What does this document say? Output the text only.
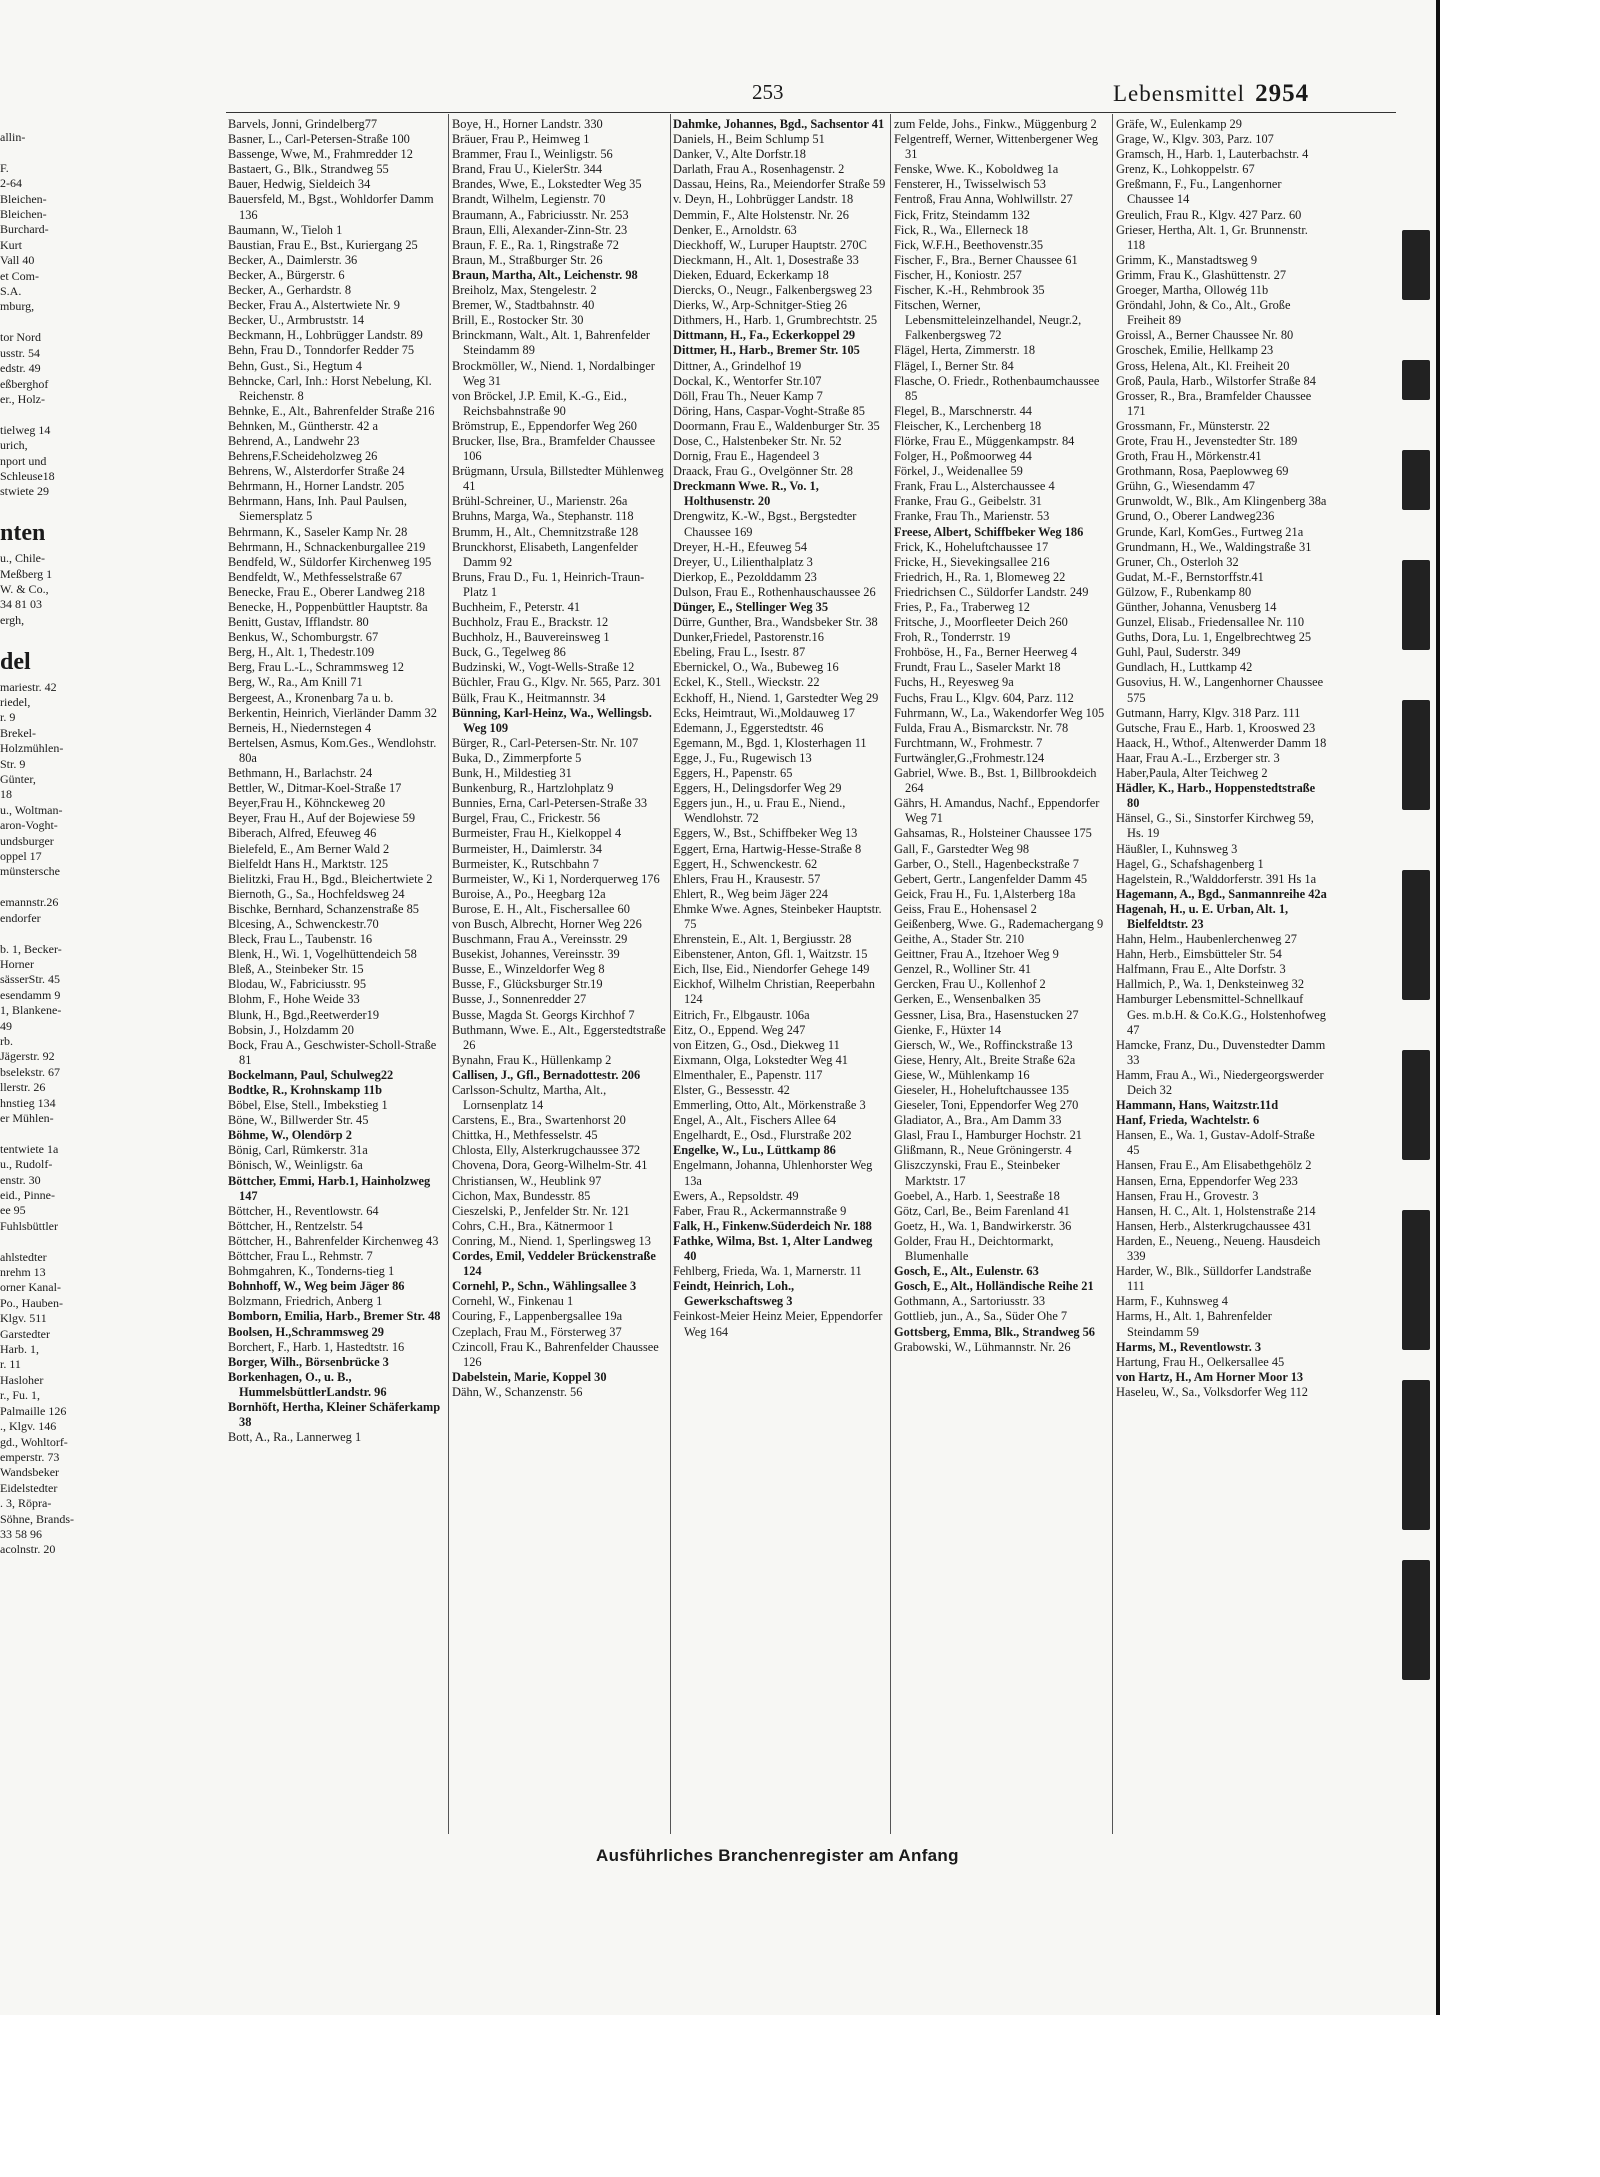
allin-

F.
2-64
Bleichen-
Bleichen-
Burchard-
Kurt
Vall 40
et Com-
S.A.
mburg,

tor Nord
usstr. 54
edstr. 49
eßberghof
er., Holz-

tielweg 14
urich,
nport und
Schleuse18
stwiete 29

nten
u., Chile-
Meßberg 1
W. & Co.,
34 81 03
ergh,

del
mariestr. 42
riedel,
r. 9
Brekel-
Holzmühlen-
Str. 9
Günter,
18
u., Woltman-
aron-Voght-
undsburger
oppel 17
münstersche

emannstr.26
endorfer

b. 1, Becker-
Horner
sässerStr. 45
esendamm 9
1, Blankene-
49
rb.
Jägerstr. 92
bselekstr. 67
llerstr. 26
hnstieg 134
er Mühlen-

tentwiete 1a
u., Rudolf-
enstr. 30
eid., Pinne-
ee 95
Fuhlsbüttler

ahlstedter
nrehm 13
orner Kanal-
Po., Hauben-
Klgv. 511
Garstedter
Harb. 1,
r. 11
Hasloher
r., Fu. 1,
Palmaille 126
., Klgv. 146
gd., Wohltorf-
emperstr. 73
Wandsbeker
Eidelstedter
. 3, Röpra-
Söhne, Brands-
33 58 96
acolnstr. 20
253	Lebensmittel 2954
Barvels, Jonni, Grindelberg77
Basner, L., Carl-Petersen-Straße 100
Bassenge, Wwe, M., Frahmredder 12
Bastaert, G., Blk., Strandweg 55
Bauer, Hedwig, Sieldeich 34
Bauersfeld, M., Bgst., Wohldorfer Damm 136
Baumann, W., Tieloh 1
Baustian, Frau E., Bst., Kuriergang 25
Becker, A., Daimlerstr. 36
Becker, A., Bürgerstr. 6
Becker, A., Gerhardstr. 8
Becker, Frau A., Alstertwiete Nr. 9
Becker, U., Armbruststr. 14
Beckmann, H., Lohbrügger Landstr. 89
Behn, Frau D., Tonndorfer Redder 75
Behn, Gust., Si., Hegtum 4
Behncke, Carl, Inh.: Horst Nebelung, Kl. Reichenstr. 8
Behnke, E., Alt., Bahrenfelder Straße 216
Behnken, M., Güntherstr. 42 a
Behrend, A., Landwehr 23
Behrens,F.Scheideholzweg 26
Behrens, W., Alsterdorfer Straße 24
Behrmann, H., Horner Landstr. 205
Behrmann, Hans, Inh. Paul Paulsen, Siemersplatz 5
Behrmann, K., Saseler Kamp Nr. 28
Behrmann, H., Schnackenburgallee 219
Bendfeld, W., Süldorfer Kirchenweg 195
Bendfeldt, W., Methfesselstraße 67
Benecke, Frau E., Oberer Landweg 218
Benecke, H., Poppenbüttler Hauptstr. 8a
Benitt, Gustav, Ifflandstr. 80
Benkus, W., Schomburgstr. 67
Berg, H., Alt. 1, Thedestr.109
Berg, Frau L.-L., Schrammsweg 12
Berg, W., Ra., Am Knill 71
Bergeest, A., Kronenbarg 7a u. b.
Berkentin, Heinrich, Vierländer Damm 32
Berneis, H., Niedernstegen 4
Bertelsen, Asmus, Kom.Ges., Wendlohstr. 80a
Bethmann, H., Barlachstr. 24
Bettler, W., Ditmar-Koel-Straße 17
Beyer,Frau H., Köhnckeweg 20
Beyer, Frau H., Auf der Bojewiese 59
Biberach, Alfred, Efeuweg 46
Bielefeld, E., Am Berner Wald 2
Bielfeldt Hans H., Marktstr. 125
Bielitzki, Frau H., Bgd., Bleichertwiete 2
Biernoth, G., Sa., Hochfeldsweg 24
Bischke, Bernhard, Schanzenstraße 85
Blcesing, A., Schwenckestr.70
Bleck, Frau L., Taubenstr. 16
Blenk, H., Wi. 1, Vogelhüttendeich 58
Bleß, A., Steinbeker Str. 15
Blodau, W., Fabriciusstr. 95
Blohm, F., Hohe Weide 33
Blunk, H., Bgd.,Reetwerder19
Bobsin, J., Holzdamm 20
Bock, Frau A., Geschwister-Scholl-Straße 81
Bockelmann, Paul, Schulweg22
Bodtke, R., Krohnskamp 11b
Böbel, Else, Stell., Imbekstieg 1
Böne, W., Billwerder Str. 45
Böhme, W., Olendörp 2
Bönig, Carl, Rümkerstr. 31a
Bönisch, W., Weinligstr. 6a
Böttcher, Emmi, Harb.1, Hainholzweg 147
Böttcher, H., Reventlowstr. 64
Böttcher, H., Rentzelstr. 54
Böttcher, H., Bahrenfelder Kirchenweg 43
Böttcher, Frau L., Rehmstr. 7
Bohmgahren, K., Tonderns-tieg 1
Bohnhoff, W., Weg beim Jäger 86
Bolzmann, Friedrich, Anberg 1
Bomborn, Emilia, Harb., Bremer Str. 48
Boolsen, H.,Schrammsweg 29
Borchert, F., Harb. 1, Hastedtstr. 16
Borger, Wilh., Börsenbrücke 3
Borkenhagen, O., u. B., HummelsbüttlerLandstr. 96
Bornhöft, Hertha, Kleiner Schäferkamp 38
Bott, A., Ra., Lannerweg 1
Boye, H., Horner Landstr. 330
Bräuer, Frau P., Heimweg 1
Brammer, Frau I., Weinligstr. 56
Brand, Frau U., KielerStr. 344
Brandes, Wwe, E., Lokstedter Weg 35
Brandt, Wilhelm, Legienstr. 70
Braumann, A., Fabriciusstr. Nr. 253
Braun, Elli, Alexander-Zinn-Str. 23
Braun, F. E., Ra. 1, Ringstraße 72
Braun, M., Straßburger Str. 26
Braun, Martha, Alt., Leichenstr. 98
Breiholz, Max, Stengelestr. 2
Bremer, W., Stadtbahnstr. 40
Brill, E., Rostocker Str. 30
Brinckmann, Walt., Alt. 1, Bahrenfelder Steindamm 89
Brockmöller, W., Niend. 1, Nordalbinger Weg 31
von Bröckel, J.P. Emil, K.-G., Eid., Reichsbahnstraße 90
Brömstrup, E., Eppendorfer Weg 260
Brucker, Ilse, Bra., Bramfelder Chaussee 106
Brügmann, Ursula, Billstedter Mühlenweg 41
Brühl-Schreiner, U., Marienstr. 26a
Bruhns, Marga, Wa., Stephanstr. 118
Brumm, H., Alt., Chemnitzstraße 128
Brunckhorst, Elisabeth, Langenfelder Damm 92
Bruns, Frau D., Fu. 1, Heinrich-Traun-Platz 1
Buchheim, F., Peterstr. 41
Buchholz, Frau E., Brackstr. 12
Buchholz, H., Bauvereinsweg 1
Buck, G., Tegelweg 86
Budzinski, W., Vogt-Wells-Straße 12
Büchler, Frau G., Klgv. Nr. 565, Parz. 301
Bülk, Frau K., Heitmannstr. 34
Bünning, Karl-Heinz, Wa., Wellingsb. Weg 109
Bürger, R., Carl-Petersen-Str. Nr. 107
Buka, D., Zimmerpforte 5
Bunk, H., Mildestieg 31
Bunkenburg, R., Hartzlohplatz 9
Bunnies, Erna, Carl-Petersen-Straße 33
Burgel, Frau, C., Frickestr. 56
Burmeister, Frau H., Kielkoppel 4
Burmeister, H., Daimlerstr. 34
Burmeister, K., Rutschbahn 7
Burmeister, W., Ki 1, Norderquerweg 176
Buroise, A., Po., Heegbarg 12a
Burose, E. H., Alt., Fischersallee 60
von Busch, Albrecht, Horner Weg 226
Buschmann, Frau A., Vereinsstr. 29
Busekist, Johannes, Vereinsstr. 39
Busse, E., Winzeldorfer Weg 8
Busse, F., Glücksburger Str.19
Busse, J., Sonnenredder 27
Busse, Magda St. Georgs Kirchhof 7
Buthmann, Wwe. E., Alt., Eggerstedtstraße 26
Bynahn, Frau K., Hüllenkamp 2
Callisen, J., Gfl., Bernadottestr. 206
Carlsson-Schultz, Martha, Alt., Lornsenplatz 14
Carstens, E., Bra., Swartenhorst 20
Chittka, H., Methfesselstr. 45
Chlosta, Elly, Alsterkrugchaussee 372
Chovena, Dora, Georg-Wilhelm-Str. 41
Christiansen, W., Heublink 97
Cichon, Max, Bundesstr. 85
Cieszelski, P., Jenfelder Str. Nr. 121
Cohrs, C.H., Bra., Kätnermoor 1
Conring, M., Niend. 1, Sperlingsweg 13
Cordes, Emil, Veddeler Brückenstraße 124
Cornehl, P., Schn., Wählingsallee 3
Cornehl, W., Finkenau 1
Couring, F., Lappenbergsallee 19a
Czeplach, Frau M., Försterweg 37
Czincoll, Frau K., Bahrenfelder Chaussee 126
Dabelstein, Marie, Koppel 30
Dähn, W., Schanzenstr. 56
Dahmke, Johannes, Bgd., Sachsentor 41
Daniels, H., Beim Schlump 51
Danker, V., Alte Dorfstr.18
Darlath, Frau A., Rosenhagenstr. 2
Dassau, Heins, Ra., Meiendorfer Straße 59
v. Deyn, H., Lohbrügger Landstr. 18
Demmin, F., Alte Holstenstr. Nr. 26
Denker, E., Arnoldstr. 63
Dieckhoff, W., Luruper Hauptstr. 270C
Dieckmann, H., Alt. 1, Dosestraße 33
Dieken, Eduard, Eckerkamp 18
Diercks, O., Neugr., Falkenbergsweg 23
Dierks, W., Arp-Schnitger-Stieg 26
Dithmers, H., Harb. 1, Grumbrechtstr. 25
Dittmann, H., Fa., Eckerkoppel 29
Dittmer, H., Harb., Bremer Str. 105
Dittner, A., Grindelhof 19
Dockal, K., Wentorfer Str.107
Döll, Frau Th., Neuer Kamp 7
Döring, Hans, Caspar-Voght-Straße 85
Doormann, Frau E., Waldenburger Str. 35
Dose, C., Halstenbeker Str. Nr. 52
Dornig, Frau E., Hagendeel 3
Draack, Frau G., Ovelgönner Str. 28
Dreckmann Wwe. R., Vo. 1, Holthusenstr. 20
Drengwitz, K.-W., Bgst., Bergstedter Chaussee 169
Dreyer, H.-H., Efeuweg 54
Dreyer, U., Lilienthalplatz 3
Dierkop, E., Pezolddamm 23
Dulson, Frau E., Rothenhauschaussee 26
Dünger, E., Stellinger Weg 35
Dürre, Gunther, Bra., Wandsbeker Str. 38
Dunker,Friedel, Pastorenstr.16
Ebeling, Frau L., Isestr. 87
Ebernickel, O., Wa., Bubeweg 16
Eckel, K., Stell., Wieckstr. 22
Eckhoff, H., Niend. 1, Garstedter Weg 29
Ecks, Heimtraut, Wi.,Moldauweg 17
Edemann, J., Eggerstedtstr. 46
Egemann, M., Bgd. 1, Klosterhagen 11
Egge, J., Fu., Rugewisch 13
Eggers, H., Papenstr. 65
Eggers, H., Delingsdorfer Weg 29
Eggers jun., H., u. Frau E., Niend., Wendlohstr. 72
Eggers, W., Bst., Schiffbeker Weg 13
Eggert, Erna, Hartwig-Hesse-Straße 8
Eggert, H., Schwenckestr. 62
Ehlers, Frau H., Krausestr. 57
Ehlert, R., Weg beim Jäger 224
Ehmke Wwe. Agnes, Steinbeker Hauptstr. 75
Ehrenstein, E., Alt. 1, Bergiusstr. 28
Eibenstener, Anton, Gfl. 1, Waitzstr. 15
Eich, Ilse, Eid., Niendorfer Gehege 149
Eickhof, Wilhelm Christian, Reeperbahn 124
Eitrich, Fr., Elbgaustr. 106a
Eitz, O., Eppend. Weg 247
von Eitzen, G., Osd., Diekweg 11
Eixmann, Olga, Lokstedter Weg 41
Elmenthaler, E., Papenstr. 117
Elster, G., Bessesstr. 42
Emmerling, Otto, Alt., Mörkenstraße 3
Engel, A., Alt., Fischers Allee 64
Engelhardt, E., Osd., Flurstraße 202
Engelke, W., Lu., Lüttkamp 86
Engelmann, Johanna, Uhlenhorster Weg 13a
Ewers, A., Repsoldstr. 49
Faber, Frau R., Ackermannstraße 9
Falk, H., Finkenw.Süderdeich Nr. 188
Fathke, Wilma, Bst. 1, Alter Landweg 40
Fehlberg, Frieda, Wa. 1, Marnerstr. 11
Feindt, Heinrich, Loh., Gewerkschaftsweg 3
Feinkost-Meier Heinz Meier, Eppendorfer Weg 164
zum Felde, Johs., Finkw., Müggenburg 2
Felgentreff, Werner, Wittenbergener Weg 31
Fenske, Wwe. K., Koboldweg 1a
Fensterer, H., Twisselwisch 53
Fentroß, Frau Anna, Wohlwillstr. 27
Fick, Fritz, Steindamm 132
Fick, R., Wa., Ellerneck 18
Fick, W.F.H., Beethovenstr.35
Fischer, F., Bra., Berner Chaussee 61
Fischer, H., Koniostr. 257
Fischer, K.-H., Rehmbrook 35
Fitschen, Werner, Lebensmitteleinzelhandel, Neugr.2, Falkenbergsweg 72
Flägel, Herta, Zimmerstr. 18
Flägel, I., Berner Str. 84
Flasche, O. Friedr., Rothenbaumchaussee 85
Flegel, B., Marschnerstr. 44
Fleischer, K., Lerchenberg 18
Flörke, Frau E., Müggenkampstr. 84
Folger, H., Poßmoorweg 44
Förkel, J., Weidenallee 59
Frank, Frau L., Alsterchaussee 4
Franke, Frau G., Geibelstr. 31
Franke, Frau Th., Marienstr. 53
Freese, Albert, Schiffbeker Weg 186
Frick, K., Hoheluftchaussee 17
Fricke, H., Sievekingsallee 216
Friedrich, H., Ra. 1, Blomeweg 22
Friedrichsen C., Süldorfer Landstr. 249
Fries, P., Fa., Traberweg 12
Fritsche, J., Moorfleeter Deich 260
Froh, R., Tonderrstr. 19
Frohböse, H., Fa., Berner Heerweg 4
Frundt, Frau L., Saseler Markt 18
Fuchs, H., Reyesweg 9a
Fuchs, Frau L., Klgv. 604, Parz. 112
Fuhrmann, W., La., Wakendorfer Weg 105
Fulda, Frau A., Bismarckstr. Nr. 78
Furchtmann, W., Frohmestr. 7
Furtwängler,G.,Frohmestr.124
Gabriel, Wwe. B., Bst. 1, Billbrookdeich 264
Gährs, H. Amandus, Nachf., Eppendorfer Weg 71
Gahsamas, R., Holsteiner Chaussee 175
Gall, F., Garstedter Weg 98
Garber, O., Stell., Hagenbeckstraße 7
Gebert, Gertr., Langenfelder Damm 45
Geick, Frau H., Fu. 1,Alsterberg 18a
Geiss, Frau E., Hohensasel 2
Geißenberg, Wwe. G., Rademachergang 9
Geithe, A., Stader Str. 210
Geittner, Frau A., Itzehoer Weg 9
Genzel, R., Wolliner Str. 41
Gercken, Frau U., Kollenhof 2
Gerken, E., Wensenbalken 35
Gessner, Lisa, Bra., Hasenstucken 27
Gienke, F., Hüxter 14
Giersch, W., We., Roffinckstraße 13
Giese, Henry, Alt., Breite Straße 62a
Giese, W., Mühlenkamp 16
Gieseler, H., Hoheluftchaussee 135
Gieseler, Toni, Eppendorfer Weg 270
Gladiator, A., Bra., Am Damm 33
Glasl, Frau I., Hamburger Hochstr. 21
Glißmann, R., Neue Gröningerstr. 4
Gliszczynski, Frau E., Steinbeker Marktstr. 17
Goebel, A., Harb. 1, Seestraße 18
Götz, Carl, Be., Beim Farenland 41
Goetz, H., Wa. 1, Bandwirkerstr. 36
Golder, Frau H., Deichtormarkt, Blumenhalle
Gosch, E., Alt., Eulenstr. 63
Gosch, E., Alt., Holländische Reihe 21
Gothmann, A., Sartoriusstr. 33
Gottlieb, jun., A., Sa., Süder Ohe 7
Gottsberg, Emma, Blk., Strandweg 56
Grabowski, W., Lühmannstr. Nr. 26
Gräfe, W., Eulenkamp 29
Grage, W., Klgv. 303, Parz. 107
Gramsch, H., Harb. 1, Lauterbachstr. 4
Grenz, K., Lohkoppelstr. 67
Greßmann, F., Fu., Langenhorner Chaussee 14
Greulich, Frau R., Klgv. 427 Parz. 60
Grieser, Hertha, Alt. 1, Gr. Brunnenstr. 118
Grimm, K., Manstadtsweg 9
Grimm, Frau K., Glashüttenstr. 27
Groeger, Martha, Ollowég 11b
Gröndahl, John, & Co., Alt., Große Freiheit 89
Groissl, A., Berner Chaussee Nr. 80
Groschek, Emilie, Hellkamp 23
Gross, Helena, Alt., Kl. Freiheit 20
Groß, Paula, Harb., Wilstorfer Straße 84
Grosser, R., Bra., Bramfelder Chaussee 171
Grossmann, Fr., Münsterstr. 22
Grote, Frau H., Jevenstedter Str. 189
Groth, Frau H., Mörkenstr.41
Grothmann, Rosa, Paeplowweg 69
Grühn, G., Wiesendamm 47
Grunwoldt, W., Blk., Am Klingenberg 38a
Grund, O., Oberer Landweg236
Grunde, Karl, KomGes., Furtweg 21a
Grundmann, H., We., Waldingstraße 31
Gruner, Ch., Osterloh 32
Gudat, M.-F., Bernstorffstr.41
Gülzow, F., Rubenkamp 80
Günther, Johanna, Venusberg 14
Gunzel, Elisab., Friedensallee Nr. 110
Guths, Dora, Lu. 1, Engelbrechtweg 25
Guhl, Paul, Suderstr. 349
Gundlach, H., Luttkamp 42
Gusovius, H. W., Langenhorner Chaussee 575
Gutmann, Harry, Klgv. 318 Parz. 111
Gutsche, Frau E., Harb. 1, Krooswed 23
Haack, H., Wthof., Altenwerder Damm 18
Haar, Frau A.-L., Erzberger str. 3
Haber,Paula, Alter Teichweg 2
Hädler, K., Harb., Hoppenstedtstraße 80
Hänsel, G., Si., Sinstorfer Kirchweg 59, Hs. 19
Häußler, I., Kuhnsweg 3
Hagel, G., Schafshagenberg 1
Hagelstein, R.,'Walddorferstr. 391 Hs 1a
Hagemann, A., Bgd., Sanmannreihe 42a
Hagenah, H., u. E. Urban, Alt. 1, Bielfeldtstr. 23
Hahn, Helm., Haubenlerchenweg 27
Hahn, Herb., Eimsbütteler Str. 54
Halfmann, Frau E., Alte Dorfstr. 3
Hallmich, P., Wa. 1, Denksteinweg 32
Hamburger Lebensmittel-Schnellkauf Ges. m.b.H. & Co.K.G., Holstenhofweg 47
Hamcke, Franz, Du., Duvenstedter Damm 33
Hamm, Frau A., Wi., Niedergeorgswerder Deich 32
Hammann, Hans, Waitzstr.11d
Hanf, Frieda, Wachtelstr. 6
Hansen, E., Wa. 1, Gustav-Adolf-Straße 45
Hansen, Frau E., Am Elisabethgehölz 2
Hansen, Erna, Eppendorfer Weg 233
Hansen, Frau H., Grovestr. 3
Hansen, H. C., Alt. 1, Holstenstraße 214
Hansen, Herb., Alsterkrugchaussee 431
Harden, E., Neueng., Neueng. Hausdeich 339
Harder, W., Blk., Sülldorfer Landstraße 111
Harm, F., Kuhnsweg 4
Harms, H., Alt. 1, Bahrenfelder Steindamm 59
Harms, M., Reventlowstr. 3
Hartung, Frau H., Oelkersallee 45
von Hartz, H., Am Horner Moor 13
Haseleu, W., Sa., Volksdorfer Weg 112
Ausführliches Branchenregister am Anfang
